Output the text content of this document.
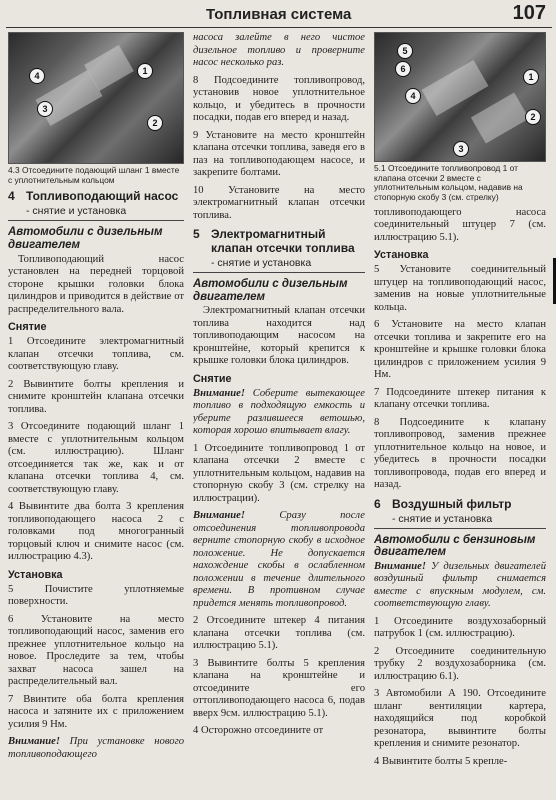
Топливная система	107
4
3
1
2
4.3 Отсоедините подающий шланг 1 вместе с уплотнительным кольцом
4 Топливоподающий насос
- снятие и установка
Автомобили с дизельным двигателем

Топливоподающий насос установлен на передней торцовой стороне крышки головки блока цилиндров и приводится в действие от распределительного вала.

Снятие

1 Отсоедините электромагнитный клапан отсечки топлива, см. соответствующую главу.

2 Вывинтите болты крепления и снимите кронштейн клапана отсечки топлива.

3 Отсоедините подающий шланг 1 вместе с уплотнительным кольцом (см. иллюстрацию). Шланг отсоединяется так же, как и от клапана отсечки топлива 4, см. соответствующую главу.

4 Вывинтите два болта 3 крепления топливоподающего насоса 2 с головками под многогранный торцовый ключ и снимите насос (см. иллюстрацию 4.3).

Установка

5 Почистите уплотняемые поверхности.

6 Установите на место топливоподающий насос, заменив его прежнее уплотнительное кольцо на новое. Проследите за тем, чтобы захват насоса зашел на распределительный вал.

7 Ввинтите оба болта крепления насоса и затяните их с приложением усилия 9 Нм.

Внимание! При установке нового топливоподающего

насоса залейте в него чистое дизельное топливо и проверните насос несколько раз.

8 Подсоедините топливопровод, установив новое уплотнительное кольцо, и убедитесь в прочности посадки, подав его вперед и назад.

9 Установите на место кронштейн клапана отсечки топлива, заведя его в паз на топливоподающем насосе, и закрепите болтами.

10 Установите на место электромагнитный клапан отсечки топлива.

5 Электромагнитный клапан отсечки топлива
- снятие и установка
Автомобили с дизельным двигателем

Электромагнитный клапан отсечки топлива находится над топливоподающим насосом на кронштейне, который крепится к крышке головки блока цилиндров.

Снятие

Внимание! Соберите вытекающее топливо в подходящую емкость и уберите разлившееся ветошью, которая хорошо впитывает влагу.

1 Отсоедините топливопровод 1 от клапана отсечки 2 вместе с уплотнительным кольцом, надавив на стопорную скобу 3 (см. стрелку на иллюстрации).

Внимание! Сразу после отсоединения топливопровода верните стопорную скобу в исходное положение. Не допускается нахождение скобы в ослабленном положении в течение длительного времени. В противном случае придется менять топливопровод.

2 Отсоедините штекер 4 питания клапана отсечки топлива (см. иллюстрацию 5.1).

3 Вывинтите болты 5 крепления клапана на кронштейне и отсоедините его оттопливоподающего насоса 6, подав вверх 9см. иллюстрацию 5.1).

4 Осторожно отсоедините от

5
6
4
1
2
3
5.1 Отсоедините топливопровод 1 от клапана отсечки 2 вместе с уплотнительным кольцом, надавив на стопорную скобу 3 (см. стрелку)

топливоподающего насоса соединительный штуцер 7 (см. иллюстрацию 5.1).

Установка

5 Установите соединительный штуцер на топливоподающий насос, заменив на новые уплотнительные кольца.

6 Установите на место клапан отсечки топлива и закрепите его на кронштейне и крышке головки блока цилиндров с приложением усилия 9 Нм.

7 Подсоедините штекер питания к клапану отсечки топлива.

8 Подсоедините к клапану топливопровод, заменив прежнее уплотнительное кольцо на новое, и убедитесь в прочности посадки топливопровода, подав его вперед и назад.

6 Воздушный фильтр
- снятие и установка
Автомобили с бензиновым двигателем

Внимание! У дизельных двигателей воздушный фильтр снимается вместе с впускным модулем, см. соответствующую главу.

1 Отсоедините воздухозаборный патрубок 1 (см. иллюстрацию).

2 Отсоедините соединительную трубку 2 воздухозаборника (см. иллюстрацию 6.1).

3 Автомобили А 190. Отсоедините шланг вентиляции картера, находящийся под коробкой резонатора, вывинтите болты крепления и снимите резонатор.

4 Вывинтите болты 5 крепле-
